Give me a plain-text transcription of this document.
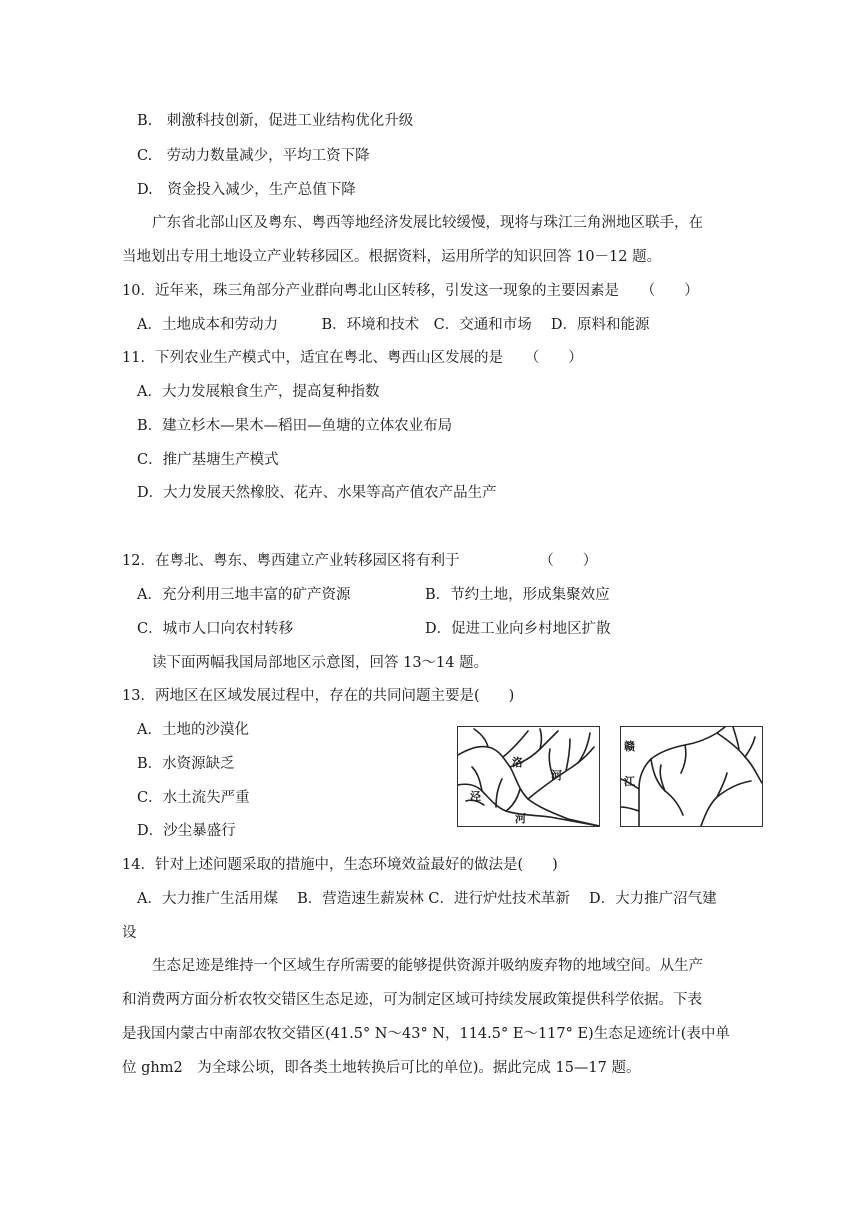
B.　刺激科技创新，促进工业结构优化升级
C.　劳动力数量减少，平均工资下降
D.　资金投入减少，生产总值下降
广东省北部山区及粤东、粤西等地经济发展比较缓慢，现将与珠江三角洲地区联手，在
当地划出专用土地设立产业转移园区。根据资料，运用所学的知识回答 10－12 题。
10．近年来，珠三角部分产业群向粤北山区转移，引发这一现象的主要因素是　　（　　）
A．土地成本和劳动力　　　B．环境和技术　C．交通和市场　 D．原料和能源
11．下列农业生产模式中，适宜在粤北、粤西山区发展的是　　（　　）
A．大力发展粮食生产，提高复种指数
B．建立杉木—果木—稻田—鱼塘的立体农业布局
C．推广基塘生产模式
D．大力发展天然橡胶、花卉、水果等高产值农产品生产
12．在粤北、粤东、粤西建立产业转移园区将有利于　　　　　　（　　）
A．充分利用三地丰富的矿产资源	B．节约土地，形成集聚效应
C．城市人口向农村转移	D．促进工业向乡村地区扩散
读下面两幅我国局部地区示意图，回答 13～14 题。
13．两地区在区域发展过程中，存在的共同问题主要是(　　)
A．土地的沙漠化
B．水资源缺乏
C．水土流失严重
D．沙尘暴盛行
14．针对上述问题采取的措施中，生态环境效益最好的做法是(　　)
A．大力推广生活用煤　 B．营造速生薪炭林 C．进行炉灶技术革新　 D．大力推广沼气建
设
生态足迹是维持一个区域生存所需要的能够提供资源并吸纳废弃物的地域空间。从生产
和消费两方面分析农牧交错区生态足迹，可为制定区域可持续发展政策提供科学依据。下表
是我国内蒙古中南部农牧交错区(41.5° N～43° N，114.5° E～117° E)生态足迹统计(表中单
位 ghm2　为全球公顷，即各类土地转换后可比的单位)。据此完成 15—17 题。
洛
河
泾
河
赣
江
